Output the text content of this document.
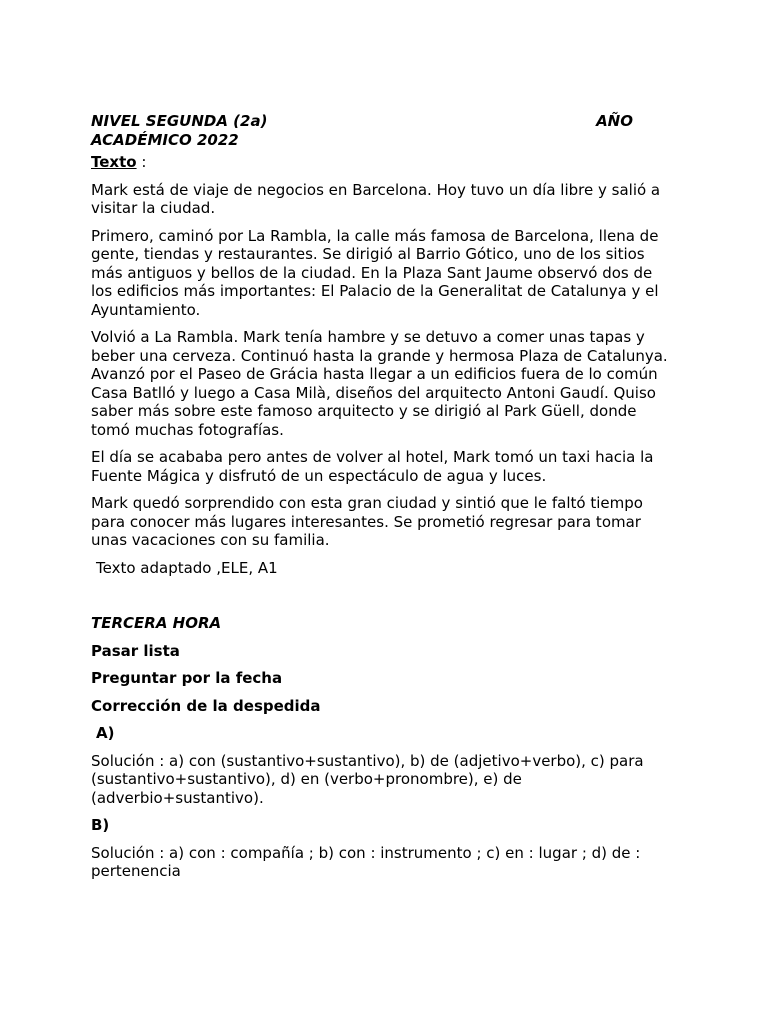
AÑO
NIVEL SEGUNDA (2a)
ACADÉMICO 2022
Texto :

Mark está de viaje de negocios en Barcelona. Hoy tuvo un día libre y salió a visitar la ciudad.

Primero, caminó por La Rambla, la calle más famosa de Barcelona, llena de gente, tiendas y restaurantes. Se dirigió al Barrio Gótico, uno de los sitios más antiguos y bellos de la ciudad. En la Plaza Sant Jaume observó dos de los edificios más importantes: El Palacio de la Generalitat de Catalunya y el Ayuntamiento.

Volvió a La Rambla. Mark tenía hambre y se detuvo a comer unas tapas y beber una cerveza. Continuó hasta la grande y hermosa Plaza de Catalunya. Avanzó por el Paseo de Grácia hasta llegar a un edificios fuera de lo común Casa Batlló y luego a Casa Milà, diseños del arquitecto Antoni Gaudí. Quiso saber más sobre este famoso arquitecto y se dirigió al Park Güell, donde tomó muchas fotografías.

El día se acababa pero antes de volver al hotel, Mark tomó un taxi hacia la Fuente Mágica y disfrutó de un espectáculo de agua y luces.

Mark quedó sorprendido con esta gran ciudad y sintió que le faltó tiempo para conocer más lugares interesantes. Se prometió regresar para tomar unas vacaciones con su familia.

Texto adaptado ,ELE, A1

TERCERA HORA

Pasar lista

Preguntar por la fecha

Corrección de la despedida

A)

Solución : a) con (sustantivo+sustantivo), b) de (adjetivo+verbo), c) para (sustantivo+sustantivo), d) en (verbo+pronombre), e) de (adverbio+sustantivo).

B)

Solución : a) con : compañía ; b) con : instrumento ; c) en : lugar ; d) de : pertenencia
